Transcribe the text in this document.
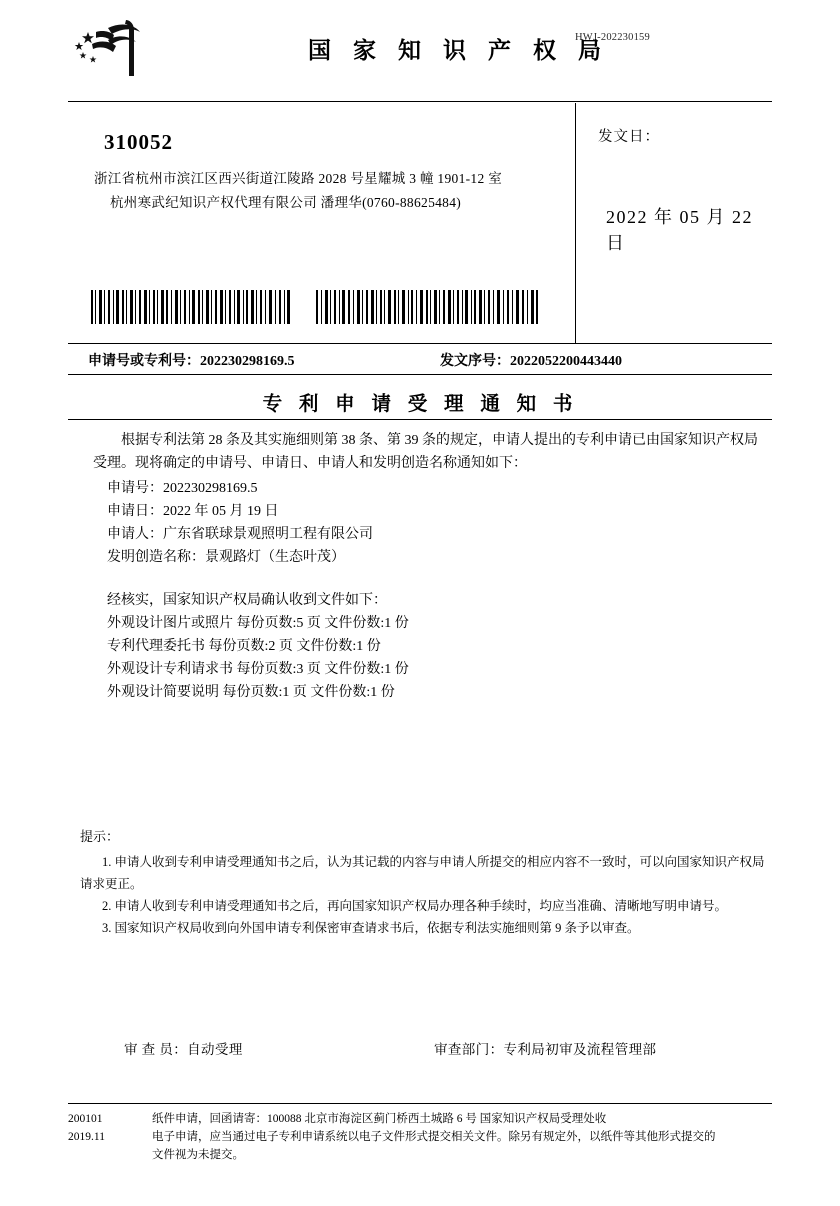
HWJ-202230159
国 家 知 识 产 权 局
310052
浙江省杭州市滨江区西兴街道江陵路 2028 号星耀城 3 幢 1901-12 室
杭州寒武纪知识产权代理有限公司 潘理华(0760-88625484)
发文日：
2022 年 05 月 22 日
申请号或专利号：202230298169.5	发文序号：2022052200443440
专 利 申 请 受 理 通 知 书

根据专利法第 28 条及其实施细则第 38 条、第 39 条的规定，申请人提出的专利申请已由国家知识产权局受理。现将确定的申请号、申请日、申请人和发明创造名称通知如下：

申请号：202230298169.5

申请日：2022 年 05 月 19 日

申请人：广东省联球景观照明工程有限公司

发明创造名称：景观路灯（生态叶茂）

经核实，国家知识产权局确认收到文件如下：

外观设计图片或照片 每份页数:5 页 文件份数:1 份

专利代理委托书 每份页数:2 页 文件份数:1 份

外观设计专利请求书 每份页数:3 页 文件份数:1 份

外观设计简要说明 每份页数:1 页 文件份数:1 份

提示：

1. 申请人收到专利申请受理通知书之后，认为其记载的内容与申请人所提交的相应内容不一致时，可以向国家知识产权局

请求更正。

2. 申请人收到专利申请受理通知书之后，再向国家知识产权局办理各种手续时，均应当准确、清晰地写明申请号。

3. 国家知识产权局收到向外国申请专利保密审查请求书后，依据专利法实施细则第 9 条予以审查。

审 查 员：自动受理	审查部门：专利局初审及流程管理部
200101
2019.11

纸件申请，回函请寄：100088 北京市海淀区蓟门桥西土城路 6 号 国家知识产权局受理处收

电子申请，应当通过电子专利申请系统以电子文件形式提交相关文件。除另有规定外，以纸件等其他形式提交的

文件视为未提交。
